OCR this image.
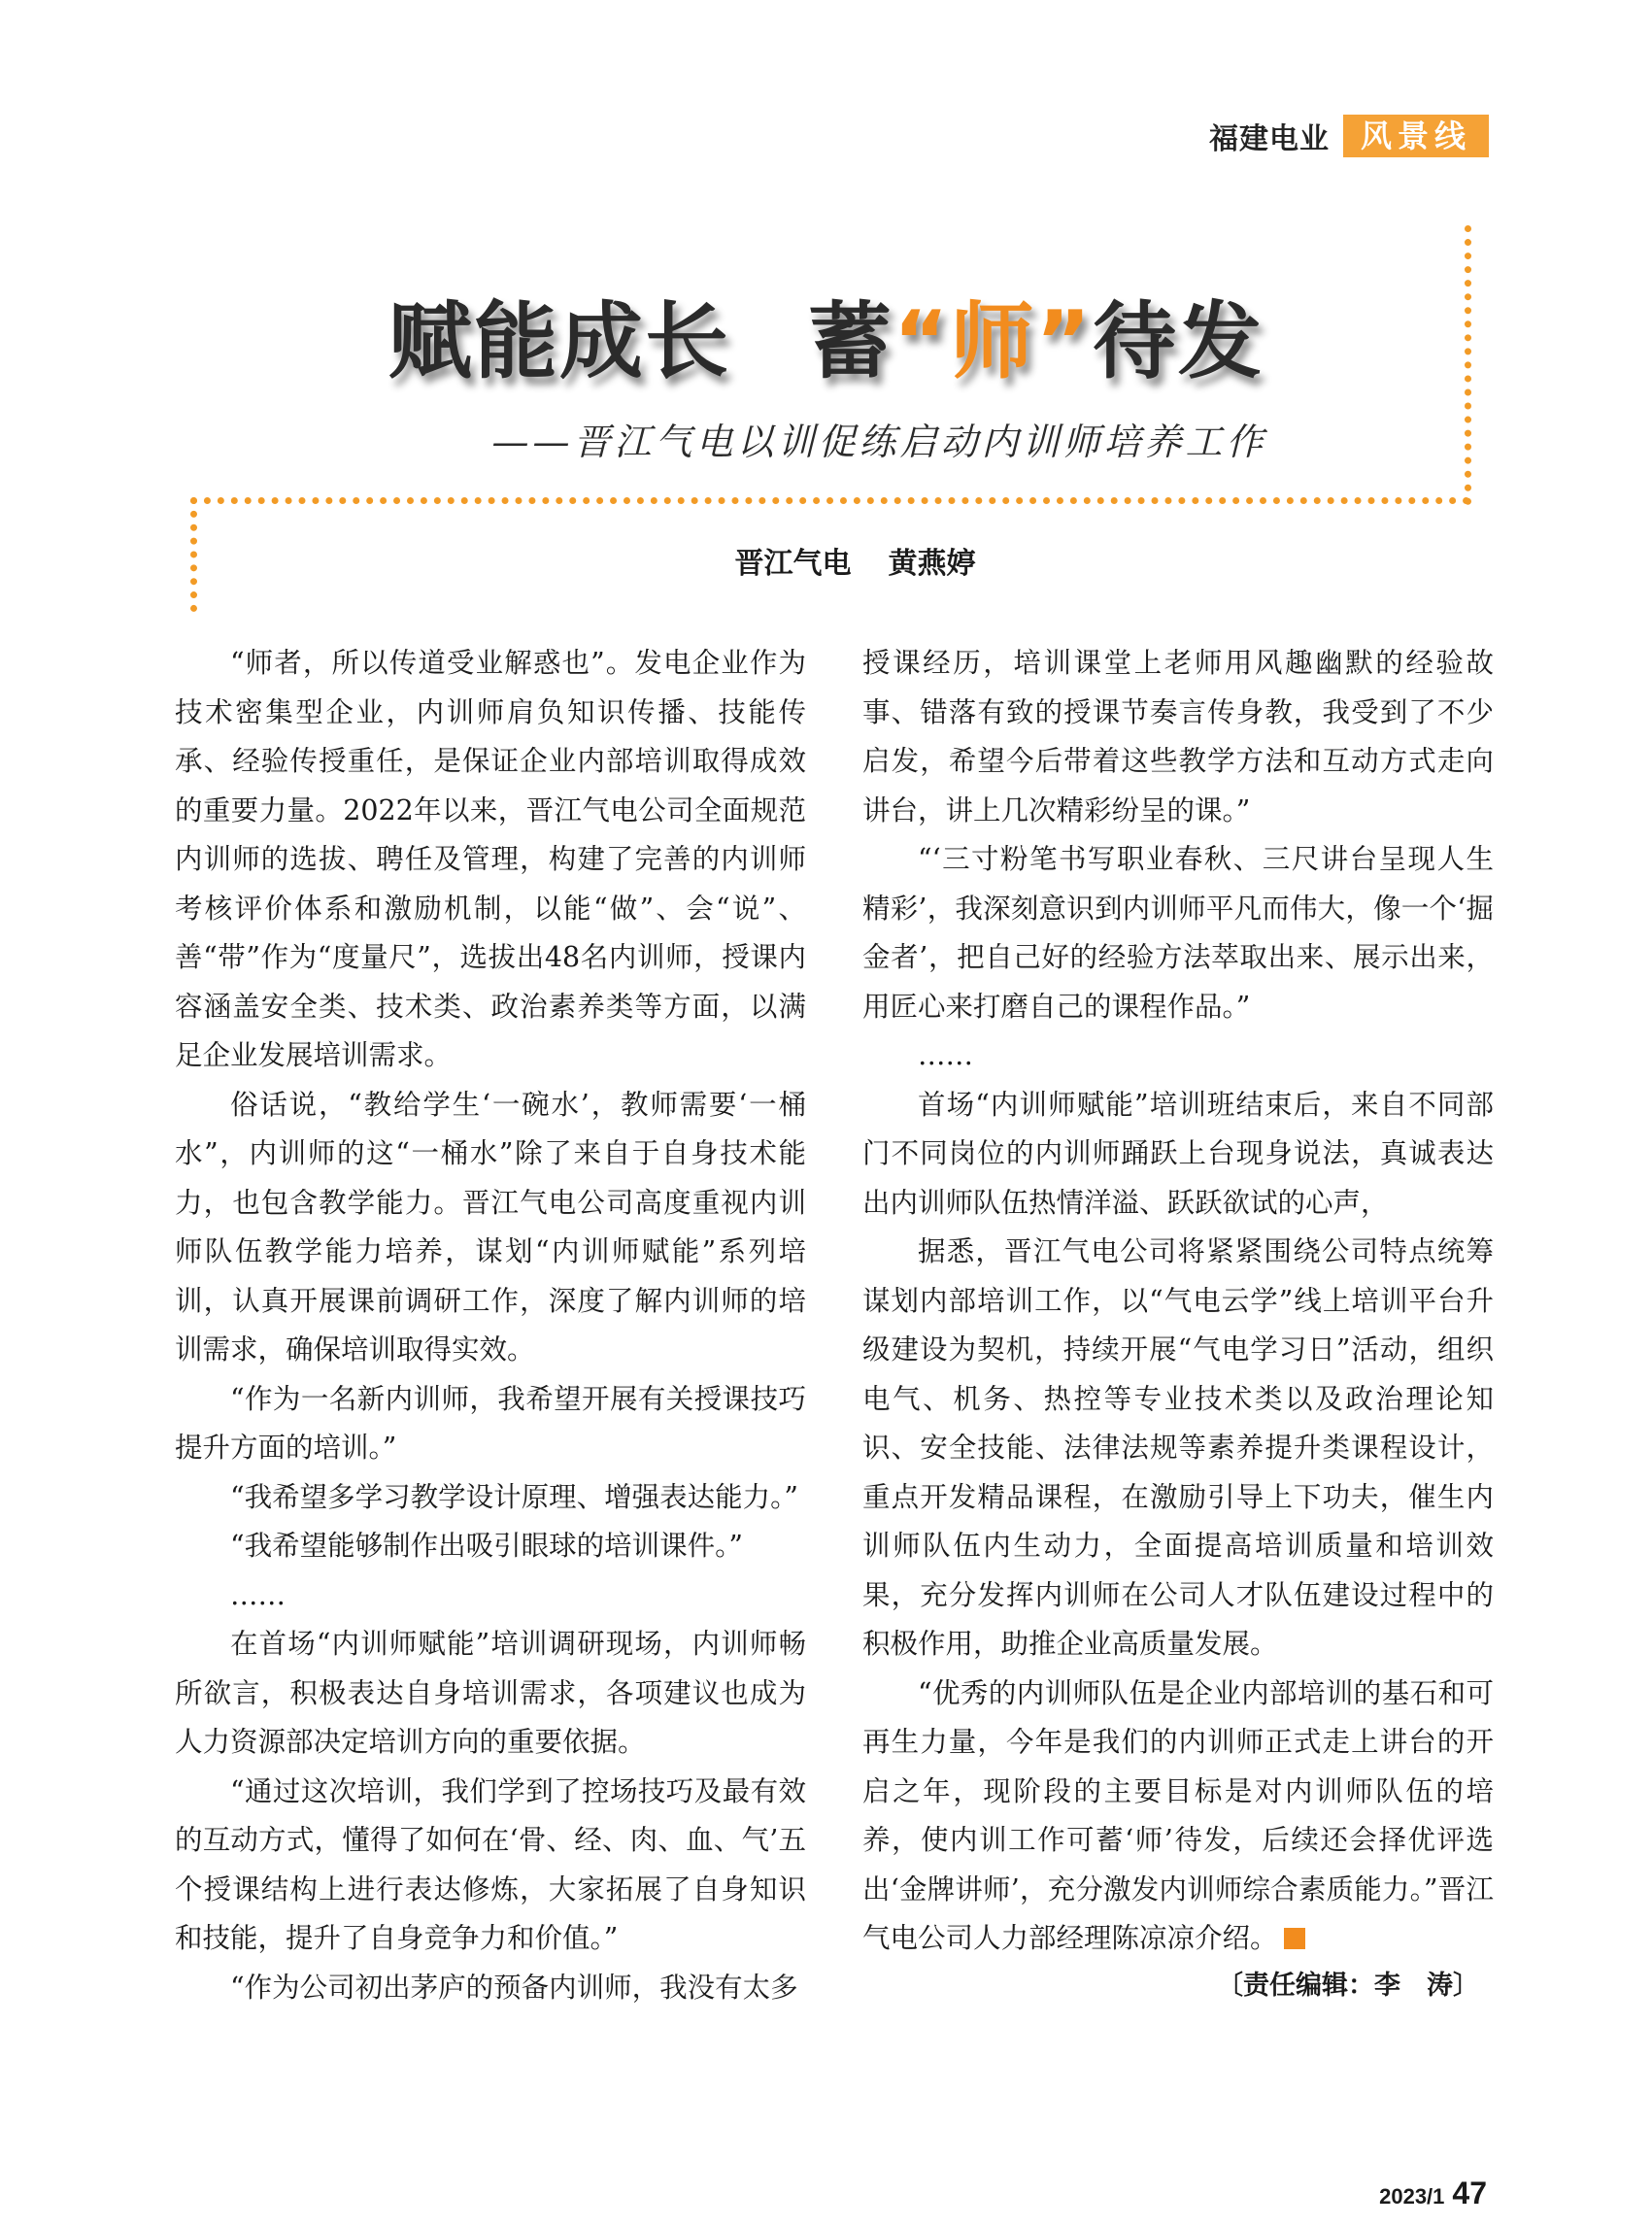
福建电业	风景线
赋能成长 蓄“师”待发
——晋江气电以训促练启动内训师培养工作
晋江气电 黄燕婷

“师者，所以传道受业解惑也”。发电企业作为技术密集型企业，内训师肩负知识传播、技能传承、经验传授重任，是保证企业内部培训取得成效的重要力量。2022年以来，晋江气电公司全面规范内训师的选拔、聘任及管理，构建了完善的内训师考核评价体系和激励机制，以能“做”、会“说”、善“带”作为“度量尺”，选拔出48名内训师，授课内容涵盖安全类、技术类、政治素养类等方面，以满足企业发展培训需求。

俗话说，“教给学生‘一碗水’，教师需要‘一桶水”，内训师的这“一桶水”除了来自于自身技术能力，也包含教学能力。晋江气电公司高度重视内训师队伍教学能力培养，谋划“内训师赋能”系列培训，认真开展课前调研工作，深度了解内训师的培训需求，确保培训取得实效。

“作为一名新内训师，我希望开展有关授课技巧提升方面的培训。”

“我希望多学习教学设计原理、增强表达能力。”

“我希望能够制作出吸引眼球的培训课件。”

……

在首场“内训师赋能”培训调研现场，内训师畅所欲言，积极表达自身培训需求，各项建议也成为人力资源部决定培训方向的重要依据。

“通过这次培训，我们学到了控场技巧及最有效的互动方式，懂得了如何在‘骨、经、肉、血、气’五个授课结构上进行表达修炼，大家拓展了自身知识和技能，提升了自身竞争力和价值。”

“作为公司初出茅庐的预备内训师，我没有太多

授课经历，培训课堂上老师用风趣幽默的经验故事、错落有致的授课节奏言传身教，我受到了不少启发，希望今后带着这些教学方法和互动方式走向讲台，讲上几次精彩纷呈的课。”

“‘三寸粉笔书写职业春秋、三尺讲台呈现人生精彩’，我深刻意识到内训师平凡而伟大，像一个‘掘金者’，把自己好的经验方法萃取出来、展示出来，用匠心来打磨自己的课程作品。”

……

首场“内训师赋能”培训班结束后，来自不同部门不同岗位的内训师踊跃上台现身说法，真诚表达出内训师队伍热情洋溢、跃跃欲试的心声，

据悉，晋江气电公司将紧紧围绕公司特点统筹谋划内部培训工作，以“气电云学”线上培训平台升级建设为契机，持续开展“气电学习日”活动，组织电气、机务、热控等专业技术类以及政治理论知识、安全技能、法律法规等素养提升类课程设计，重点开发精品课程，在激励引导上下功夫，催生内训师队伍内生动力，全面提高培训质量和培训效果，充分发挥内训师在公司人才队伍建设过程中的积极作用，助推企业高质量发展。

“优秀的内训师队伍是企业内部培训的基石和可再生力量，今年是我们的内训师正式走上讲台的开启之年，现阶段的主要目标是对内训师队伍的培养，使内训工作可蓄‘师’待发，后续还会择优评选出‘金牌讲师’，充分激发内训师综合素质能力。”晋江气电公司人力部经理陈凉凉介绍。

〔责任编辑：李　涛〕
2023/1 47
